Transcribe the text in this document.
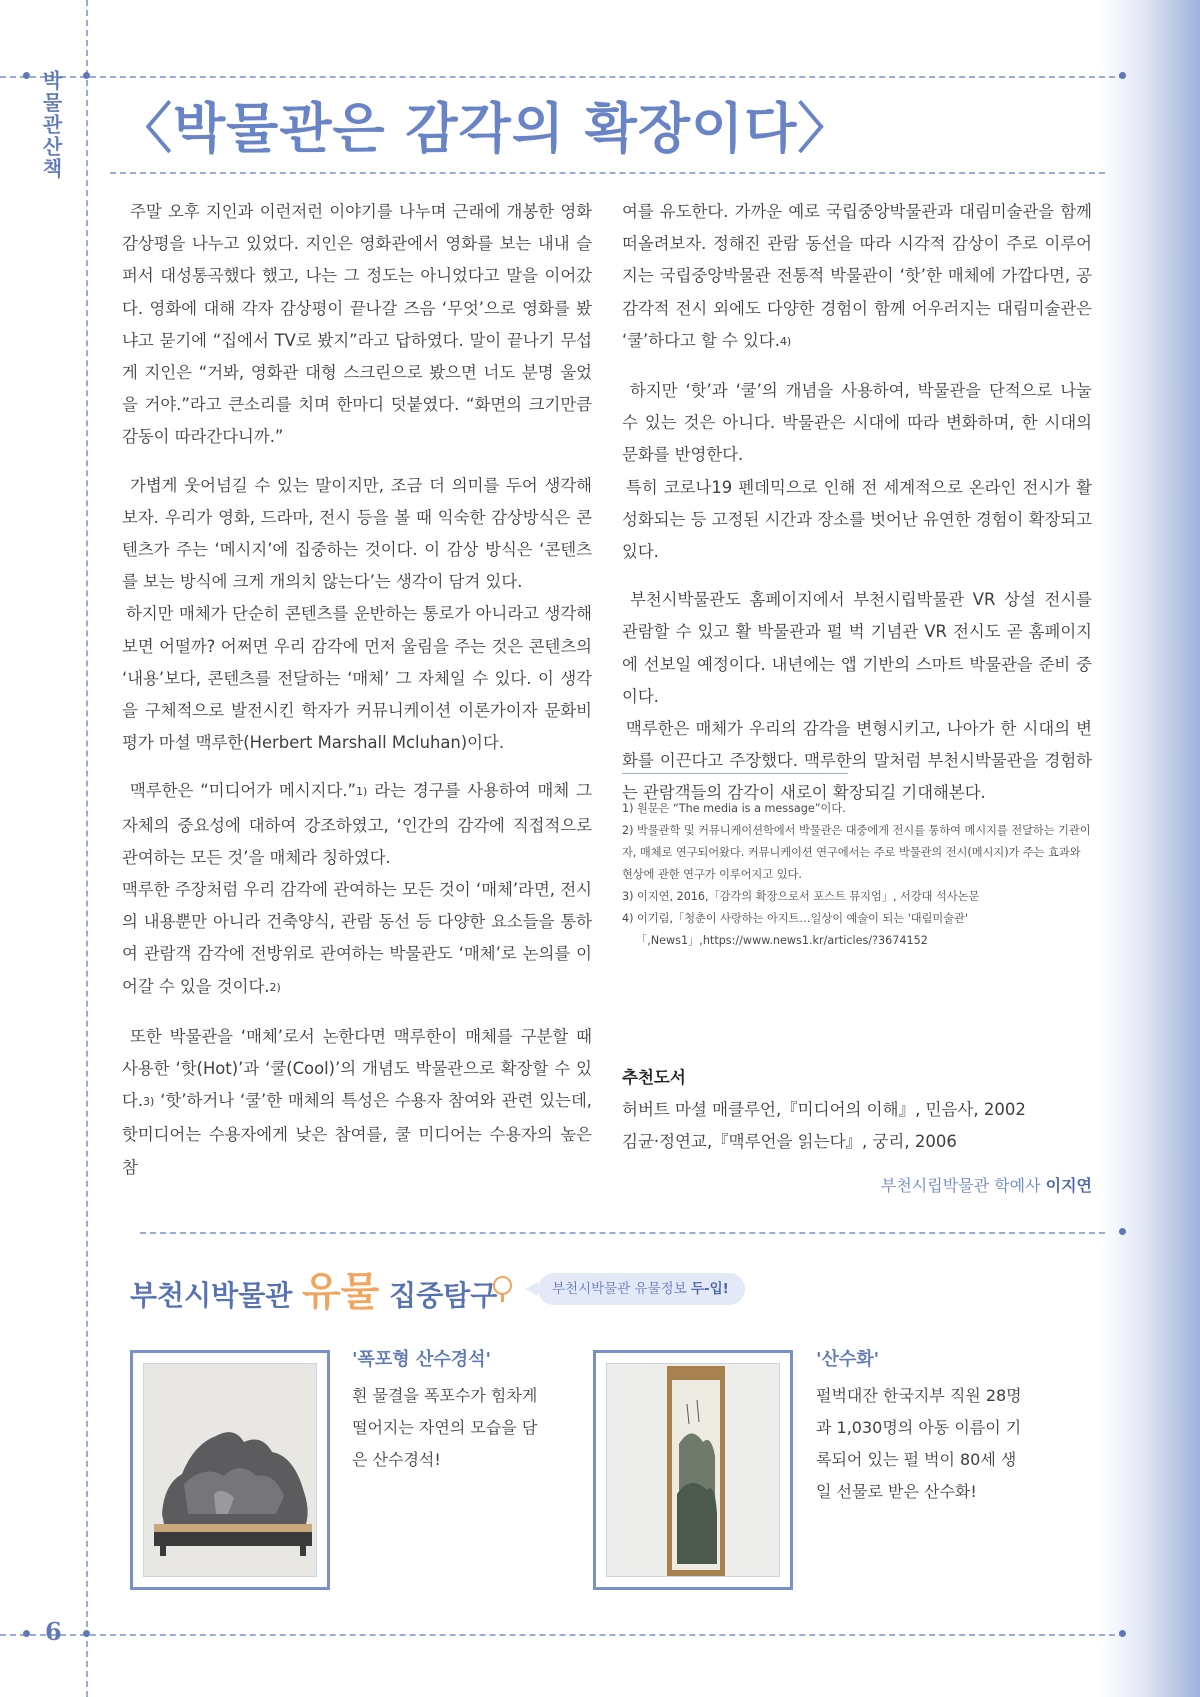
박물관산책 〈박물관은 감각의 확장이다〉

주말 오후 지인과 이런저런 이야기를 나누며 근래에 개봉한 영화 감상평을 나누고 있었다. 지인은 영화관에서 영화를 보는 내내 슬퍼서 대성통곡했다 했고, 나는 그 정도는 아니었다고 말을 이어갔다. 영화에 대해 각자 감상평이 끝나갈 즈음 ‘무엇’으로 영화를 봤냐고 묻기에 “집에서 TV로 봤지”라고 답하였다. 말이 끝나기 무섭게 지인은 “거봐, 영화관 대형 스크린으로 봤으면 너도 분명 울었을 거야.”라고 큰소리를 치며 한마디 덧붙였다. “화면의 크기만큼 감동이 따라간다니까.”

가볍게 웃어넘길 수 있는 말이지만, 조금 더 의미를 두어 생각해보자. 우리가 영화, 드라마, 전시 등을 볼 때 익숙한 감상방식은 콘텐츠가 주는 ‘메시지’에 집중하는 것이다. 이 감상 방식은 ‘콘텐츠를 보는 방식에 크게 개의치 않는다’는 생각이 담겨 있다.

하지만 매체가 단순히 콘텐츠를 운반하는 통로가 아니라고 생각해보면 어떨까? 어쩌면 우리 감각에 먼저 울림을 주는 것은 콘텐츠의 ‘내용’보다, 콘텐츠를 전달하는 ‘매체’ 그 자체일 수 있다. 이 생각을 구체적으로 발전시킨 학자가 커뮤니케이션 이론가이자 문화비평가 마셜 맥루한(Herbert Marshall Mcluhan)이다.

맥루한은 “미디어가 메시지다.”$^{1)}$ 라는 경구를 사용하여 매체 그 자체의 중요성에 대하여 강조하였고, ‘인간의 감각에 직접적으로 관여하는 모든 것’을 매체라 칭하였다.

맥루한 주장처럼 우리 감각에 관여하는 모든 것이 ‘매체’라면, 전시의 내용뿐만 아니라 건축양식, 관람 동선 등 다양한 요소들을 통하여 관람객 감각에 전방위로 관여하는 박물관도 ‘매체’로 논의를 이어갈 수 있을 것이다.$^{2)}$

또한 박물관을 ‘매체’로서 논한다면 맥루한이 매체를 구분할 때 사용한 ‘핫(Hot)’과 ‘쿨(Cool)’의 개념도 박물관으로 확장할 수 있다.$^{3)}$ ‘핫’하거나 ‘쿨’한 매체의 특성은 수용자 참여와 관련 있는데, 핫미디어는 수용자에게 낮은 참여를, 쿨 미디어는 수용자의 높은 참

여를 유도한다. 가까운 예로 국립중앙박물관과 대림미술관을 함께 떠올려보자. 정해진 관람 동선을 따라 시각적 감상이 주로 이루어지는 국립중앙박물관 전통적 박물관이 ‘핫’한 매체에 가깝다면, 공감각적 전시 외에도 다양한 경험이 함께 어우러지는 대림미술관은 ‘쿨’하다고 할 수 있다.$^{4)}$

하지만 ‘핫’과 ‘쿨’의 개념을 사용하여, 박물관을 단적으로 나눌 수 있는 것은 아니다. 박물관은 시대에 따라 변화하며, 한 시대의 문화를 반영한다.

특히 코로나19 펜데믹으로 인해 전 세계적으로 온라인 전시가 활성화되는 등 고정된 시간과 장소를 벗어난 유연한 경험이 확장되고 있다.

부천시박물관도 홈페이지에서 부천시립박물관 VR 상설 전시를 관람할 수 있고 활 박물관과 펄 벅 기념관 VR 전시도 곧 홈페이지에 선보일 예정이다. 내년에는 앱 기반의 스마트 박물관을 준비 중이다.

맥루한은 매체가 우리의 감각을 변형시키고, 나아가 한 시대의 변화를 이끈다고 주장했다. 맥루한의 말처럼 부천시박물관을 경험하는 관람객들의 감각이 새로이 확장되길 기대해본다.

1) 원문은 “The media is a message”이다.

2) 박물관학 및 커뮤니케이션학에서 박물관은 대중에게 전시를 통하여 메시지를 전달하는 기관이자, 매체로 연구되어왔다. 커뮤니케이션 연구에서는 주로 박물관의 전시(메시지)가 주는 효과와 현상에 관한 연구가 이루어지고 있다.

3) 이지연, 2016,「감각의 확장으로서 포스트 뮤지엄」, 서강대 석사논문

4) 이기림,「청춘이 사랑하는 아지트…일상이 예술이 되는 '대림미술관'

「,News1」,https://www.news1.kr/articles/?3674152

추천도서
허버트 마셜 매클루언,『미디어의 이해』, 민음사, 2002
김균·정연교,『맥루언을 읽는다』, 궁리, 2006
부천시립박물관 학예사 이지연
부천시박물관 유물 집중탐구	부천시박물관 유물정보 두-입!
'폭포형 산수경석'
흰 물결을 폭포수가 힘차게 떨어지는 자연의 모습을 담은 산수경석!
'산수화'
펄벅대잔 한국지부 직원 28명과 1,030명의 아동 이름이 기록되어 있는 펄 벅이 80세 생일 선물로 받은 산수화!
6
